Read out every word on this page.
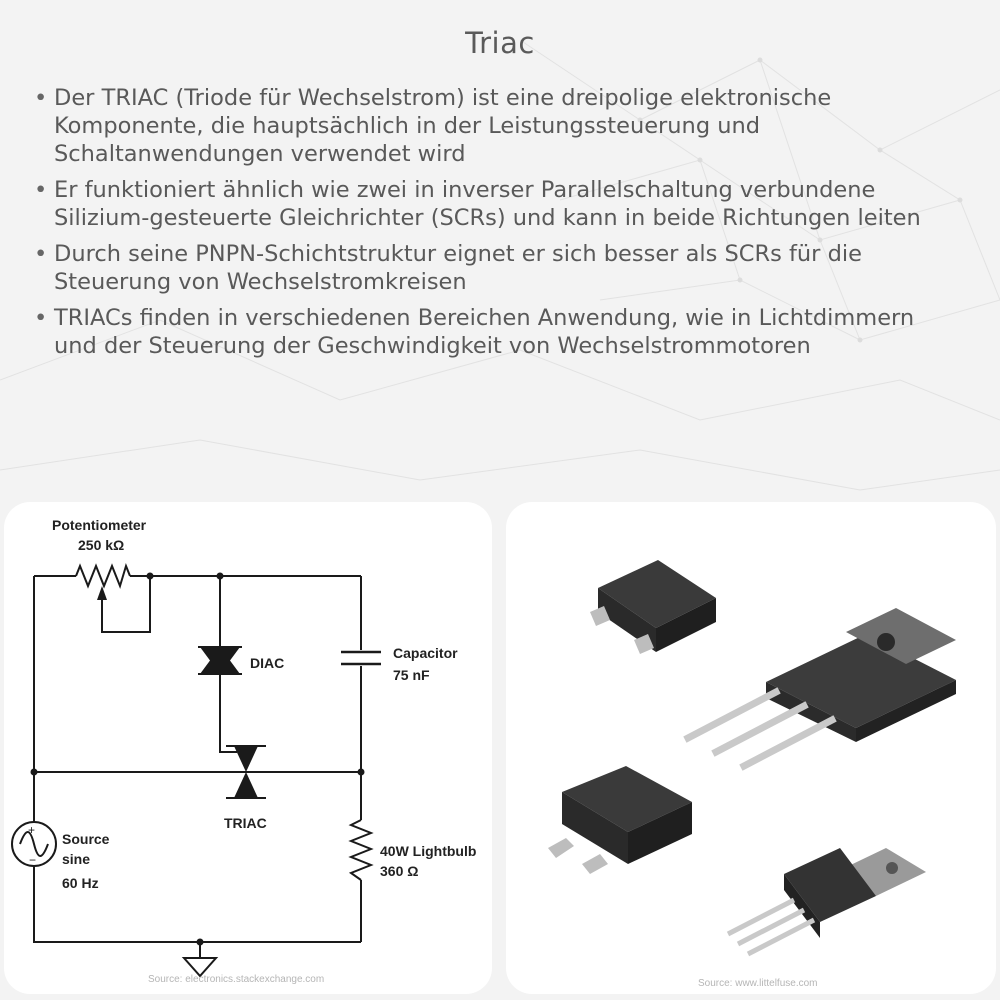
Triac
• Der TRIAC (Triode für Wechselstrom) ist eine dreipolige elektronische Komponente, die hauptsächlich in der Leistungssteuerung und Schaltanwendungen verwendet wird
• Er funktioniert ähnlich wie zwei in inverser Parallelschaltung verbundene Silizium-gesteuerte Gleichrichter (SCRs) und kann in beide Richtungen leiten
• Durch seine PNPN-Schichtstruktur eignet er sich besser als SCRs für die Steuerung von Wechselstromkreisen
• TRIACs finden in verschiedenen Bereichen Anwendung, wie in Lichtdimmern und der Steuerung der Geschwindigkeit von Wechselstrommotoren
+
−
Potentiometer
250 kΩ
DIAC
Capacitor
75 nF
TRIAC
Source
sine
60 Hz
40W Lightbulb
360 Ω
Source: electronics.stackexchange.com	Source: www.littelfuse.com
